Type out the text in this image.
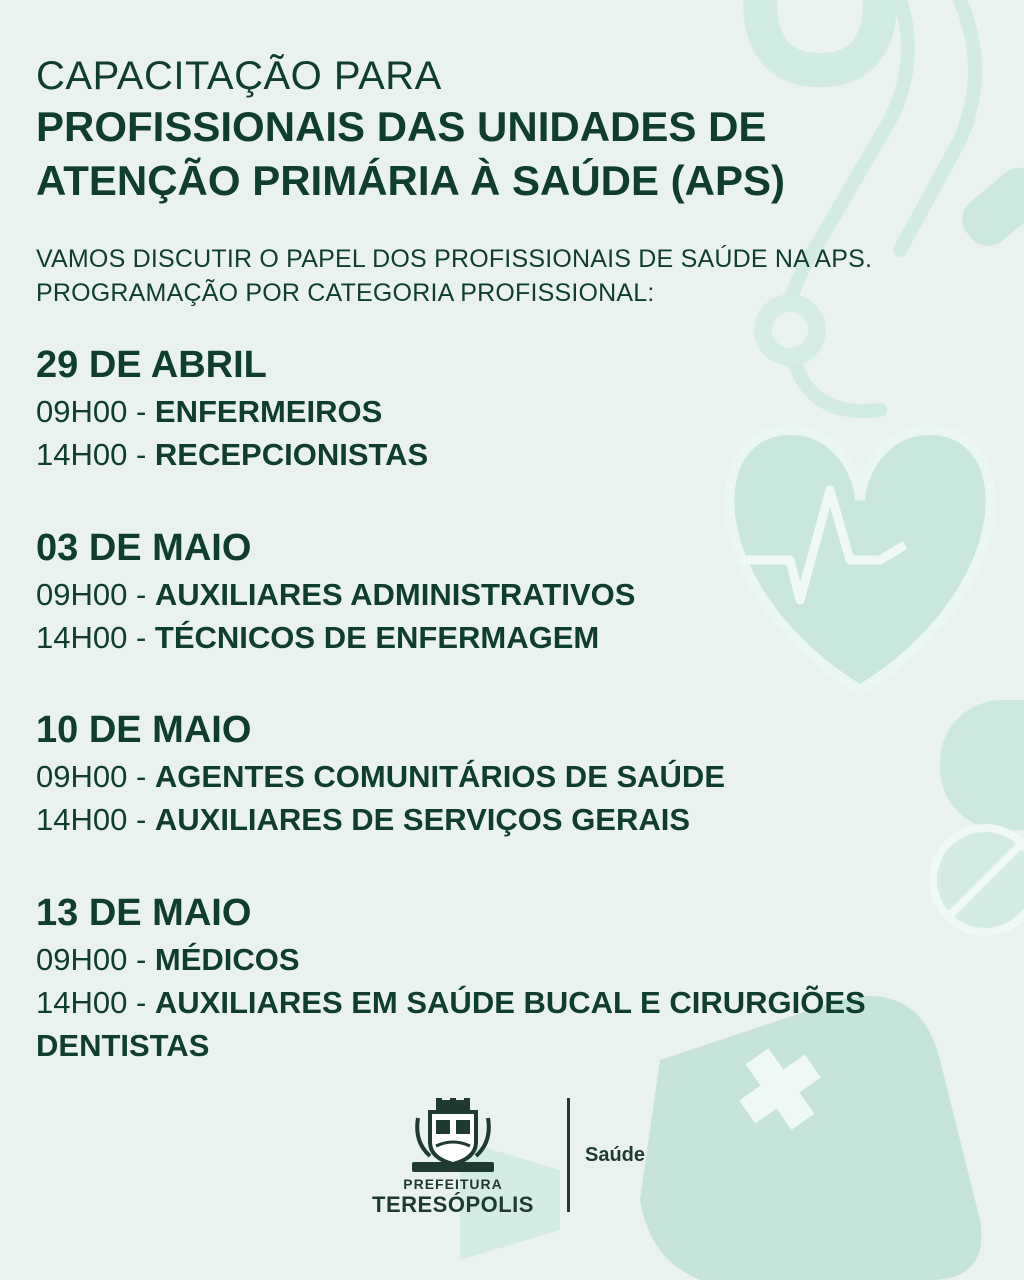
CAPACITAÇÃO PARA

PROFISSIONAIS DAS UNIDADES DE

ATENÇÃO PRIMÁRIA À SAÚDE (APS)

VAMOS DISCUTIR O PAPEL DOS PROFISSIONAIS DE SAÚDE NA APS.
PROGRAMAÇÃO POR CATEGORIA PROFISSIONAL:
29 DE ABRIL
09H00 - ENFERMEIROS
14H00 - RECEPCIONISTAS
03 DE MAIO
09H00 - AUXILIARES ADMINISTRATIVOS
14H00 - TÉCNICOS DE ENFERMAGEM
10 DE MAIO
09H00 - AGENTES COMUNITÁRIOS DE SAÚDE
14H00 - AUXILIARES DE SERVIÇOS GERAIS
13 DE MAIO
09H00 - MÉDICOS
14H00 - AUXILIARES EM SAÚDE BUCAL E CIRURGIÕES
DENTISTAS
PREFEITURA
TERESÓPOLIS
Saúde
